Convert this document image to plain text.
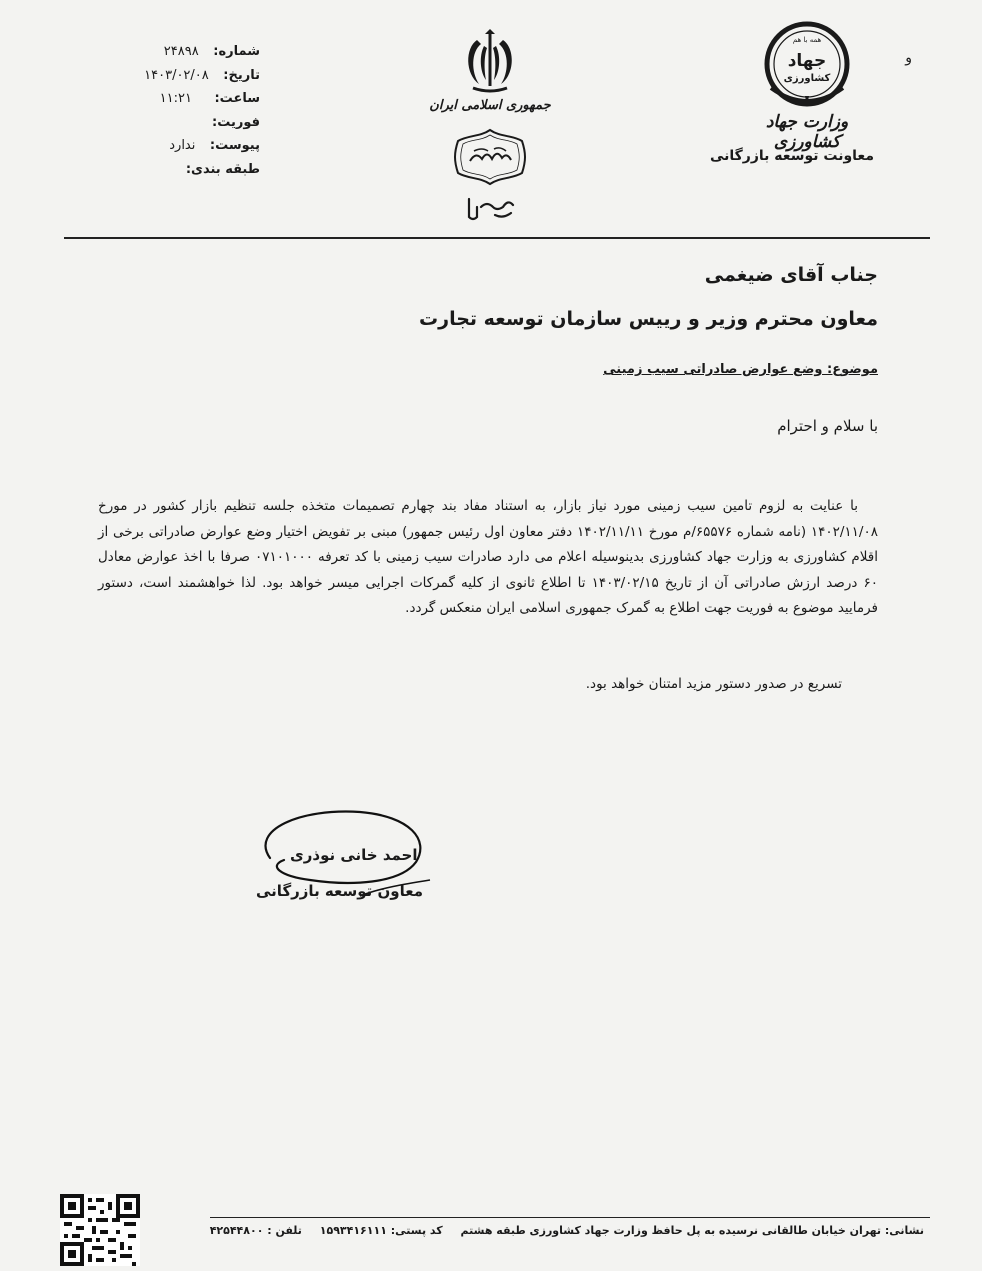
همه با هم
جهاد
کشاورزی
وزارت جهاد کشاورزی
معاونت توسعه بازرگانی
و
جمهوری اسلامی ایران
شماره: ۲۴۸۹۸
تاریخ: ۱۴۰۳/۰۲/۰۸
ساعت: ۱۱:۲۱
فوریت:
پیوست: ندارد
طبقه بندی:
جناب آقای ضیغمی
معاون محترم وزیر و رییس سازمان توسعه تجارت
موضوع: وضع عوارض صادراتی سیب زمینی
با سلام و احترام

با عنایت به لزوم تامین سیب زمینی مورد نیاز بازار، به استناد مفاد بند چهارم تصمیمات متخذه جلسه تنظیم بازار کشور در مورخ ۱۴۰۲/۱۱/۰۸ (نامه شماره ۶۵۵۷۶/م مورخ ۱۴۰۲/۱۱/۱۱ دفتر معاون اول رئیس جمهور) مبنی بر تفویض اختیار وضع عوارض صادراتی برخی از اقلام کشاورزی به وزارت جهاد کشاورزی بدینوسیله اعلام می دارد صادرات سیب زمینی با کد تعرفه ۰۷۱۰۱۰۰۰ صرفا با اخذ عوارض معادل ۶۰ درصد ارزش صادراتی آن از تاریخ ۱۴۰۳/۰۲/۱۵ تا اطلاع ثانوی از کلیه گمرکات اجرایی میسر خواهد بود. لذا خواهشمند است، دستور فرمایید موضوع به فوریت جهت اطلاع به گمرک جمهوری اسلامی ایران منعکس گردد.

تسریع در صدور دستور مزید امتنان خواهد بود.
احمد خانی نوذری
معاون توسعه بازرگانی
نشانی: تهران خیابان طالقانی نرسیده به پل حافظ وزارت جهاد کشاورزی طبقه هشتم کد پستی: ۱۵۹۳۴۱۶۱۱۱ تلفن : ۴۲۵۴۴۸۰۰
